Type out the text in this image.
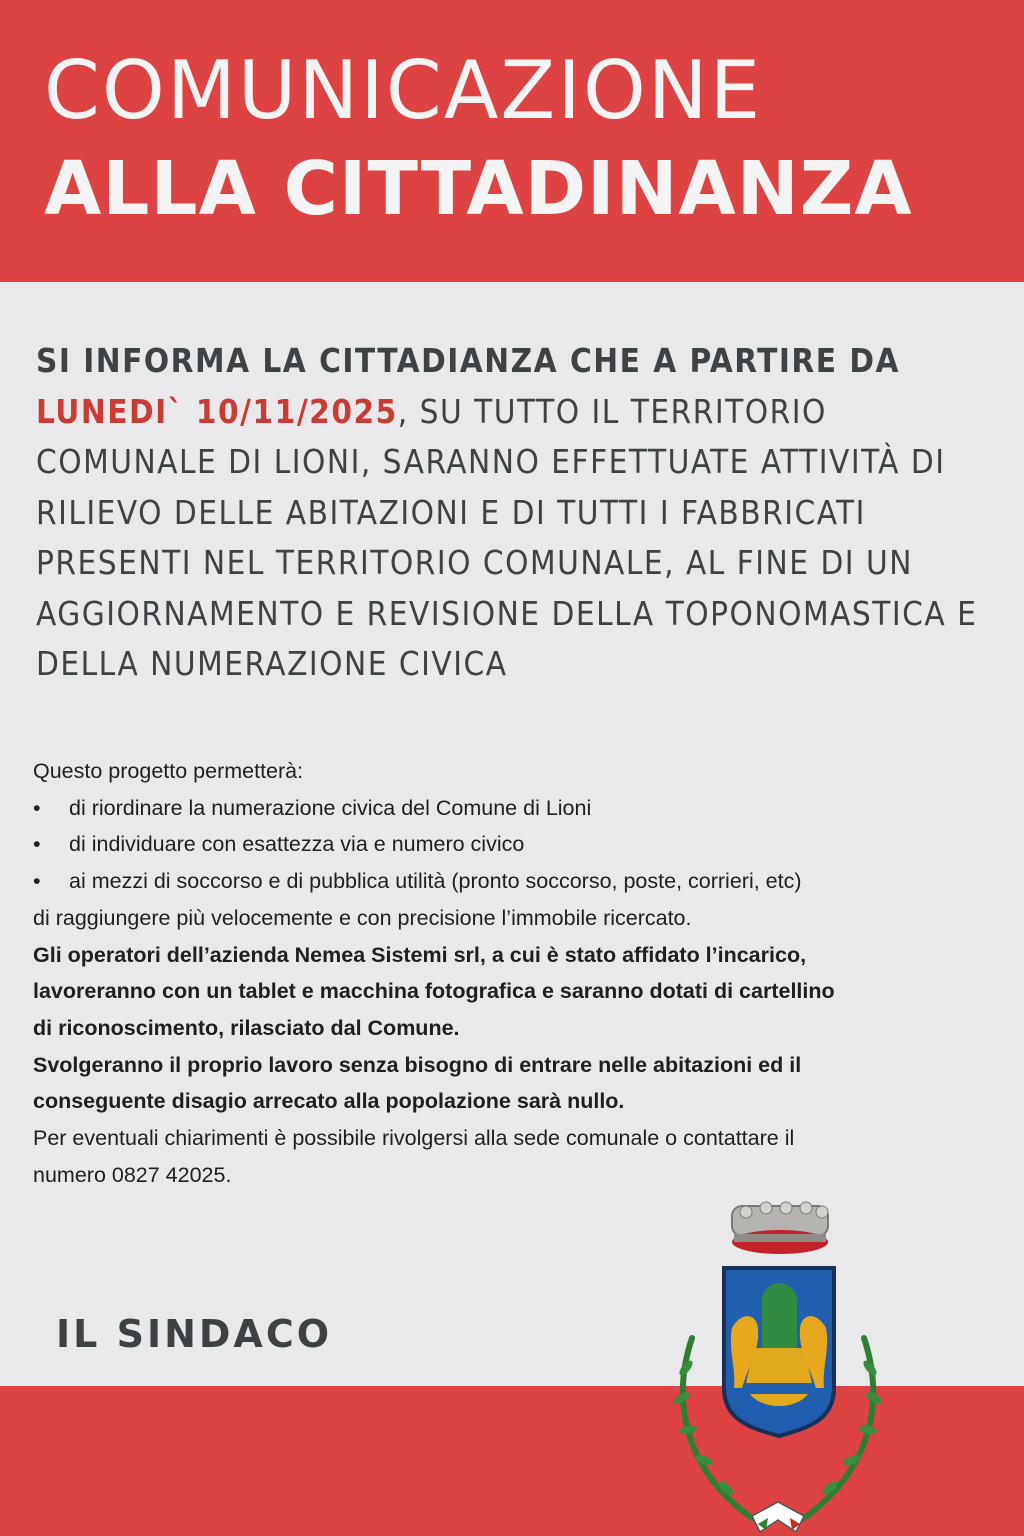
COMUNICAZIONE
ALLA CITTADINANZA
SI INFORMA LA CITTADIANZA CHE A PARTIRE DA LUNEDI` 10/11/2025, SU TUTTO IL TERRITORIO COMUNALE DI LIONI, SARANNO EFFETTUATE ATTIVITÀ DI RILIEVO DELLE ABITAZIONI E DI TUTTI I FABBRICATI PRESENTI NEL TERRITORIO COMUNALE, AL FINE DI UN AGGIORNAMENTO E REVISIONE DELLA TOPONOMASTICA E DELLA NUMERAZIONE CIVICA
Questo progetto permetterà:
• di riordinare la numerazione civica del Comune di Lioni
• di individuare con esattezza via e numero civico
• ai mezzi di soccorso e di pubblica utilità (pronto soccorso, poste, corrieri, etc)
di raggiungere più velocemente e con precisione l’immobile ricercato.
Gli operatori dell’azienda Nemea Sistemi srl, a cui è stato affidato l’incarico,
lavoreranno con un tablet e macchina fotografica e saranno dotati di cartellino
di riconoscimento, rilasciato dal Comune.
Svolgeranno il proprio lavoro senza bisogno di entrare nelle abitazioni ed il
conseguente disagio arrecato alla popolazione sarà nullo.
Per eventuali chiarimenti è possibile rivolgersi alla sede comunale o contattare il
numero 0827 42025.
IL SINDACO
